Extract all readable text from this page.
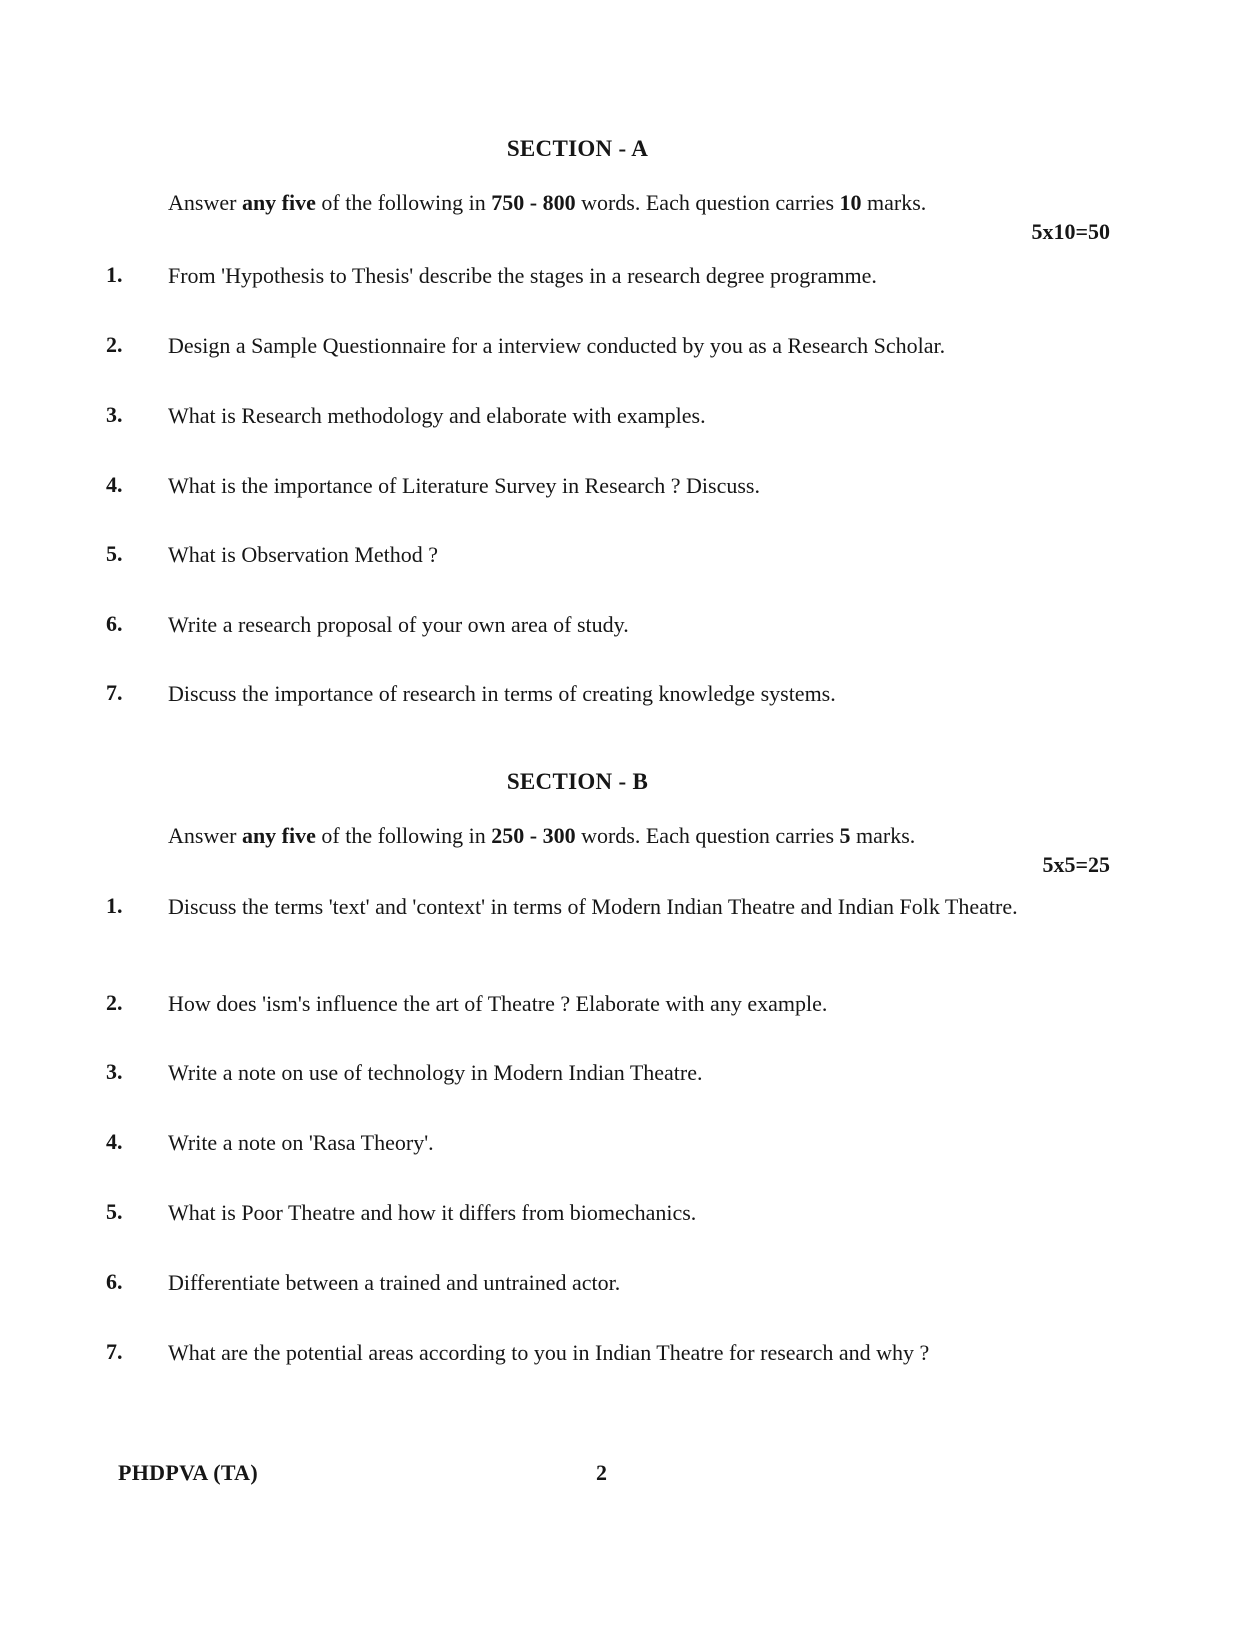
SECTION - A
Answer any five of the following in 750 - 800 words. Each question carries 10 marks.
5x10=50
1. From 'Hypothesis to Thesis' describe the stages in a research degree programme.
2. Design a Sample Questionnaire for a interview conducted by you as a Research Scholar.
3. What is Research methodology and elaborate with examples.
4. What is the importance of Literature Survey in Research ? Discuss.
5. What is Observation Method ?
6. Write a research proposal of your own area of study.
7. Discuss the importance of research in terms of creating knowledge systems.
SECTION - B
Answer any five of the following in 250 - 300 words. Each question carries 5 marks.
5x5=25
1. Discuss the terms 'text' and 'context' in terms of Modern Indian Theatre and Indian Folk Theatre.
2. How does 'ism's influence the art of Theatre ? Elaborate with any example.
3. Write a note on use of technology in Modern Indian Theatre.
4. Write a note on 'Rasa Theory'.
5. What is Poor Theatre and how it differs from biomechanics.
6. Differentiate between a trained and untrained actor.
7. What are the potential areas according to you in Indian Theatre for research and why ?
PHDPVA (TA)	2
